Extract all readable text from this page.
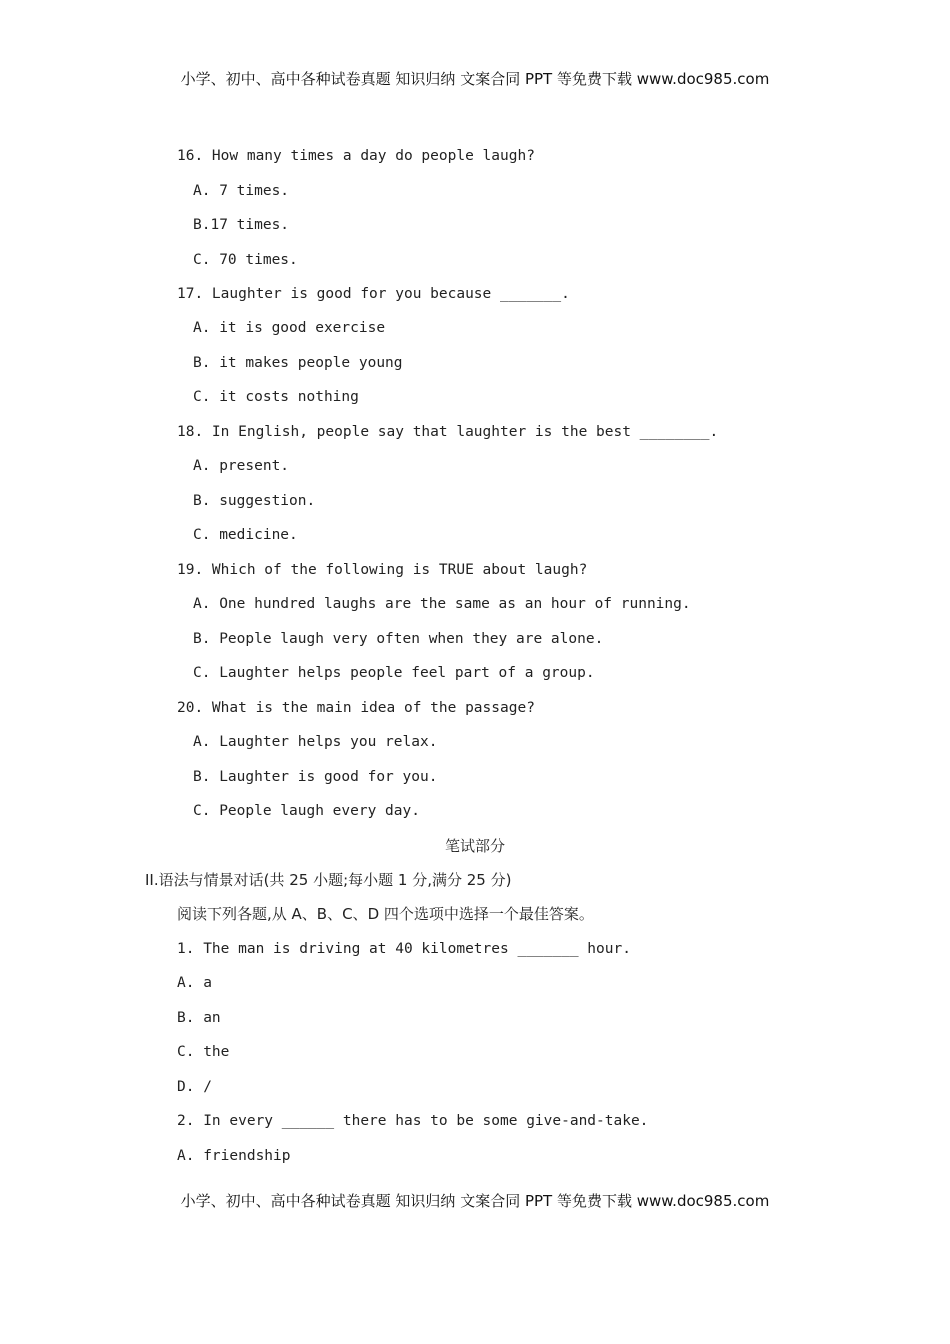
小学、初中、高中各种试卷真题 知识归纳 文案合同 PPT 等免费下载 www.doc985.com
16. How many times a day do people laugh?
A. 7 times.
B.17 times.
C. 70 times.
17. Laughter is good for you because _______.
A. it is good exercise
B. it makes people young
C. it costs nothing
18. In English, people say that laughter is the best ________.
A. present.
B. suggestion.
C. medicine.
19. Which of the following is TRUE about laugh?
A. One hundred laughs are the same as an hour of running.
B. People laugh very often when they are alone.
C. Laughter helps people feel part of a group.
20. What is the main idea of the passage?
A. Laughter helps you relax.
B. Laughter is good for you.
C. People laugh every day.
笔试部分
II.语法与情景对话(共 25 小题;每小题 1 分,满分 25 分)
阅读下列各题,从 A、B、C、D 四个选项中选择一个最佳答案。
1. The man is driving at 40 kilometres _______ hour.
A. a
B. an
C. the
D. /
2. In every ______ there has to be some give-and-take.
A. friendship
小学、初中、高中各种试卷真题 知识归纳 文案合同 PPT 等免费下载 www.doc985.com
